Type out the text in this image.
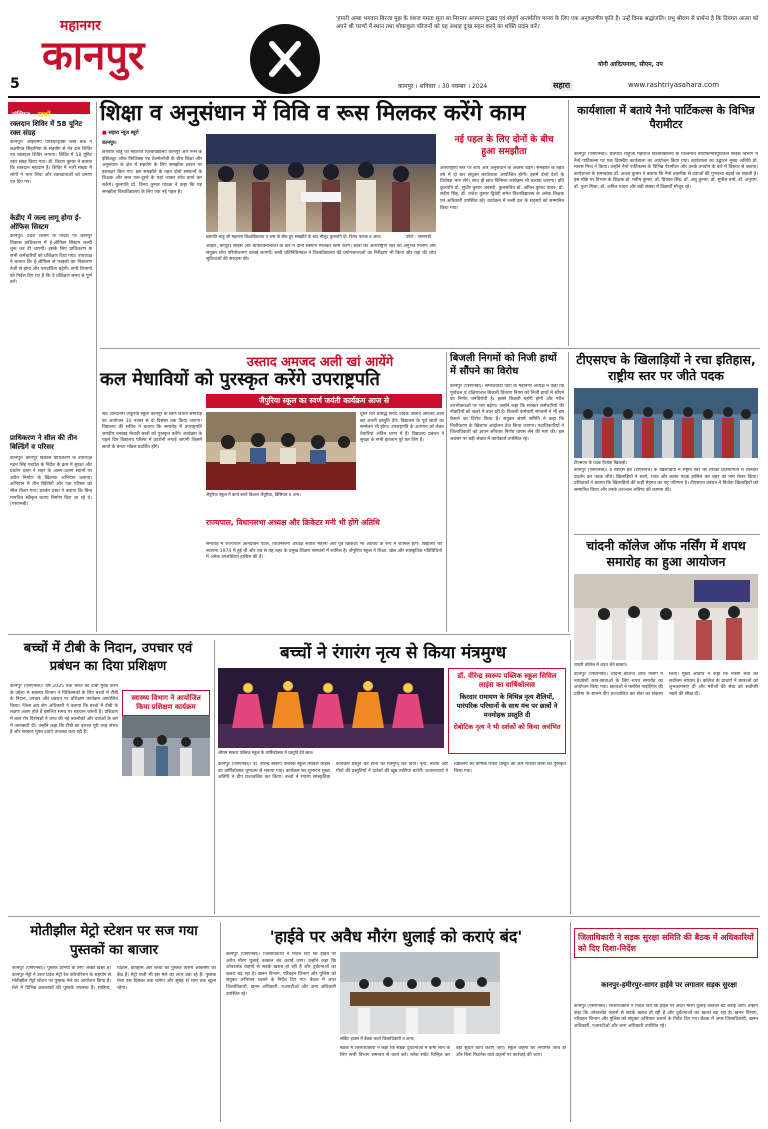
5
महानगर
कानपुर
'हमारी अम्बा भगवान बिरजा मुझ के वंशज ममता सुता सा निरन्तर अपमान दुःखद एवं संपूर्ण अन्तर्मतीय मानव के लिए एक अनुकरणीय कृति है। उन्हें विनम्र श्रद्धांजलि। प्रभु श्रीराम से प्रार्थना है कि दिवंगत आत्मा को अपने श्री चरणों में स्थान तथा शोकाकुल परिजनों को यह अथाह दुःख सहन करने का शक्ति प्रदान करें।'
योगी आदित्यनाथ, सीएम, उप
कानपुर । शनिवार । 30 नवम्बर । 2024	सहारा	www.rashtriyasahara.com
संक्षिप्त खबरें
रक्तदान शिविर में 58 यूनिट रक्त संग्रह
कानपुर। आईएमए पीडियाट्रिक्स ब्लड बैंक ने लक्ष्मीपत सिंहानिया के सहयोग से नेत्र दान शिविर एवं रक्तदान शिविर लगाया। शिविर में 58 यूनिट रक्त संग्रह किया गया। डॉ. किरण कुमार ने बताया कि रक्तदान महादान है। शिविर में भारी संख्या में लोगों ने भाग लिया और रक्तदाताओं को प्रमाण पत्र दिए गए।
केडीए में जल्द लागू होगा ई-ऑफिस सिस्टम
कानपुर। प्रदेश शासन के निर्देश पर कानपुर विकास प्राधिकरण में ई-ऑफिस सिस्टम जल्दी शुरू कर दी जाएगी। इसके लिए प्राधिकरण के सभी कर्मचारियों को प्रशिक्षण दिया गया। उपाध्यक्ष ने बताया कि ई-ऑफिस से फाइलों का निस्तारण तेजी से होगा और पारदर्शिता बढ़ेगी। सभी विभागों को निर्देश दिए गए हैं कि वे प्रशिक्षण समय से पूर्ण करें।
प्राधिकरण ने सील की तीन बिल्डिंगें व परिसर
कानपुर। कानपुर विकास प्राधिकरण के उपाध्यक्ष मदन सिंह गर्ब्याल के निर्देश के क्रम में सुरक्षा और प्रवर्तन दस्ता ने शहर के अलग-अलग स्थानों पर अवैध निर्माण के खिलाफ अभियान चलाया। अभियान में तीन बिल्डिंगें और एक परिसर को सील किया गया। प्रवर्तन दस्ता ने बताया कि बिना मानचित्र स्वीकृत कराए निर्माण किए जा रहे थे। (एसएनबी)
शिक्षा व अनुसंधान में विवि व रूस मिलकर करेंगे काम
■ सहारा न्यूज ब्यूरो
कानपुर।
छत्रपति शाहू जी महाराज विश्वविद्यालय कानपुर और रूस के इंस्टिट्यूट ऑफ फिजिक्स एंड टेक्नोलॉजी के बीच शिक्षा और अनुसंधान के क्षेत्र में सहयोग के लिए समझौता ज्ञापन पर हस्ताक्षर किए गए। इस समझौते के तहत दोनों संस्थानों के शिक्षक और छात्र एक-दूसरे के यहां जाकर शोध कार्य कर सकेंगे। कुलपति प्रो. विनय कुमार पाठक ने कहा कि यह समझौता विश्वविद्यालय के लिए एक नई पहल है।
छत्रपति शाहू जी महाराज विश्वविद्यालय व रूस के बीच हुए समझौते के बाद मौजूद कुलपति प्रो. विनय पाठक व अन्य।	फोटो : एसएनबी
आईटी, कंप्यूटर साइंस और बायोटेक्नोलॉजी के क्षेत्र में दोनों संस्थान मिलकर काम करेंगे। छात्रों को अंतरराष्ट्रीय स्तर का अनुभव मिलेगा और संयुक्त शोध परियोजनाएं चलाई जाएंगी। रूसी प्रतिनिधिमंडल ने विश्वविद्यालय की प्रयोगशालाओं का निरीक्षण भी किया और यहां की शोध सुविधाओं की सराहना की।
नई पहल के लिए दोनों के बीच हुआ समझौता
अंतरराष्ट्रीय स्तर पर शोध और अनुसंधान के अवसर बढ़ेंगे। समझौते के तहत वर्ष में दो बार संयुक्त कार्यशाला आयोजित होगी। इसमें दोनों देशों के विशेषज्ञ भाग लेंगे। साथ ही छात्र विनिमय कार्यक्रम भी चलाया जाएगा। प्रति कुलपति प्रो. सुधीर कुमार अवस्थी, कुलसचिव डॉ. अनिल कुमार यादव, प्रो. संदीप सिंह, डॉ. राजेश कुमार द्विवेदी समेत विश्वविद्यालय के अनेक शिक्षक एवं अधिकारी उपस्थित रहे। कार्यक्रम में रूसी दल के सदस्यों को सम्मानित किया गया।
कार्यशाला में बताये नैनो पार्टिकल्स के विभिन्न पैरामीटर
कानपुर (एसएनबी)। छत्रपति शाहूजी महाराज विश्वविद्यालय के विश्वनाथ बायोफार्मास्यूटिकल साइंस विभाग में नैनो पार्टिकल्स पर एक दिवसीय कार्यशाला का आयोजन किया गया। कार्यशाला का उद्घाटन मुख्य अतिथि प्रो. मानस मित्रा ने किया। उन्होंने नैनो पार्टिकल्स के विभिन्न पैरामीटर और उनके उपयोग के बारे में विस्तार से बताया। कार्यशाला के समन्वयक डॉ. अजय कुमार ने बताया कि नैनो तकनीक से दवाओं की गुणवत्ता बढ़ाई जा सकती है। इस मौके पर विभाग के शिक्षक डॉ. मनीष कुमार, डॉ. प्रियंका सिंह, डॉ. अंशू कुमार, डॉ. सुनील वर्मा, डॉ. अनुराग, डॉ. पूजा मिश्रा, डॉ. अनिल यादव और बड़ी संख्या में विद्यार्थी मौजूद रहे।
उस्ताद अमजद अली खां आयेंगे
कल मेधावियों को पुरस्कृत करेंगे उपराष्ट्रपति
जैपुरिया स्कूल का स्वर्ण जयंती कार्यक्रम आज से
सेठ आनंदराम जैपुरिया स्कूल कानपुर के स्वर्ण जयंती समारोह का आयोजन 30 नवंबर से दो दिसंबर तक किया जाएगा। विद्यालय की सचिव ने बताया कि समारोह में उपराष्ट्रपति जगदीप धनखड़ मेधावी छात्रों को पुरस्कृत करेंगे। कार्यक्रम के पहले दिन विद्यालय परिसर में प्रदर्शनी लगाई जाएगी जिसमें छात्रों के बनाए मॉडल प्रदर्शित होंगे।
जैपुरिया स्कूल में वार्ता करते विशाल जैपुरिया, प्रिंसिपल व अन्य।
दूसरे दिन प्रसिद्ध सरोद वादक उस्ताद अमजद अली खां अपनी प्रस्तुति देंगे। विद्यालय के पूर्व छात्रों का सम्मेलन भी होगा। उपराष्ट्रपति के आगमन को लेकर तैयारियां अंतिम चरण में हैं। विद्यालय प्रबंधन ने सुरक्षा के सभी इंतजाम पूरे कर लिए हैं।
राज्यपाल, विधानसभा अध्यक्ष और क्रिकेटर मनी भी होंगे अतिथि
समारोह में राज्यपाल आनंदीबेन पटेल, विधानसभा अध्यक्ष सतीश महाना और पूर्व क्रिकेटर भी अतिथि के रूप में शामिल होंगे। विद्यालय की स्थापना 1974 में हुई थी और तब से यह शहर के प्रमुख शिक्षण संस्थानों में शामिल है। जैपुरिया स्कूल ने शिक्षा, खेल और सांस्कृतिक गतिविधियों में अनेक उपलब्धियां हासिल की हैं।
बिजली निगमों को निजी हाथों में सौंपने का विरोध
कानपुर (एसएनबी)। समाजवादी पार्टी के महानगर अध्यक्ष ने कहा कि पूर्वांचल व दक्षिणांचल बिजली वितरण निगम को निजी हाथों में सौंपने का निर्णय जनविरोधी है। इससे बिजली महंगी होगी और गरीब उपभोक्ताओं पर भार बढ़ेगा। उन्होंने कहा कि सरकार कर्मचारियों की नौकरियों को खतरे में डाल रही है। बिजली कर्मचारी संगठनों ने भी इस फैसले का विरोध किया है। संयुक्त संघर्ष समिति ने कहा कि निजीकरण के खिलाफ आंदोलन तेज किया जाएगा। पदाधिकारियों ने जिलाधिकारी को ज्ञापन सौंपकर निर्णय वापस लेने की मांग की। इस अवसर पर बड़ी संख्या में कार्यकर्ता उपस्थित रहे।
टीएसएच के खिलाड़ियों ने रचा इतिहास, राष्ट्रीय स्तर पर जीते पदक
टीएसएच के पदक विजेता खिलाड़ी।
कानपुर (एसएनबी)। द स्पोर्ट्स हब (टीएसएच) के खिलाड़ियों ने राष्ट्रीय स्तर की तैराकी प्रतियोगिता में शानदार प्रदर्शन कर पदक जीते। खिलाड़ियों ने स्वर्ण, रजत और कांस्य पदक हासिल कर शहर का नाम रोशन किया। प्रशिक्षकों ने बताया कि खिलाड़ियों की कड़ी मेहनत का यह परिणाम है। टीएसएच प्रबंधन ने विजेता खिलाड़ियों को सम्मानित किया और उनके उज्ज्वल भविष्य की कामना की।
चांदनी कॉलेज ऑफ नर्सिंग में शपथ समारोह का हुआ आयोजन
चांदनी कॉलेज में शपथ लेते छात्राएं।
बच्चों में टीबी के निदान, उपचार एवं प्रबंधन का दिया प्रशिक्षण
कानपुर (एसएनबी)। वर्ष 2025 तक भारत को टीबी मुक्त करने के उद्देश्य से स्वास्थ्य विभाग ने चिकित्सकों के लिए बच्चों में टीबी के निदान, उपचार और प्रबंधन पर प्रशिक्षण कार्यक्रम आयोजित किया। जिला क्षय रोग अधिकारी ने बताया कि बच्चों में टीबी के लक्षण अलग होते हैं इसलिए समय पर पहचान जरूरी है। प्रशिक्षण में बाल रोग विशेषज्ञों ने जांच की नई तकनीकों और दवाओं के बारे में जानकारी दी। उन्होंने कहा कि टीबी का इलाज पूरी तरह संभव है और सरकार मुफ्त दवाएं उपलब्ध करा रही है।
स्वास्थ्य विभाग ने आयोजित किया प्रशिक्षण कार्यक्रम
बच्चों ने रंगारंग नृत्य से किया मंत्रमुग्ध
श्रीराम स्वरूप पब्लिक स्कूल के वार्षिकोत्सव में प्रस्तुति देते छात्र।
डॉ. वीरेन्द्र स्वरूप पब्लिक स्कूल सिविल लाइंस का वार्षिकोत्सव
किरदार रामायण के विभिन्न नृत्य शैलियों, पारंपरिक परिधानों के साथ मंच पर छात्रों ने मनमोहक प्रस्तुति दी
रोबोटिक नृत्य ने भी दर्शकों को किया अचंभित
कानपुर (एसएनबी)। डॉ. वीरेन्द्र स्वरूप पब्लिक स्कूल सिविल लाइंस का वार्षिकोत्सव धूमधाम से मनाया गया। कार्यक्रम का शुभारंभ मुख्य अतिथि ने दीप प्रज्ज्वलित कर किया। बच्चों ने रंगारंग सांस्कृतिक कार्यक्रम प्रस्तुत कर सभी को मंत्रमुग्ध कर दिया। नृत्य, नाटक और गीतों की प्रस्तुतियों ने दर्शकों की खूब तालियां बटोरीं। प्रधानाचार्या ने विद्यालय की वार्षिक रिपोर्ट प्रस्तुत की और मेधावी छात्रों को पुरस्कृत किया गया।
कानपुर (एसएनबी)। चांदनी कॉलेज ऑफ नर्सिंग में नवप्रवेशी छात्र-छात्राओं के लिए शपथ समारोह का आयोजन किया गया। छात्राओं ने फ्लोरेंस नाइटिंगेल की प्रतिमा के सामने दीप प्रज्ज्वलित कर सेवा का संकल्प लिया। मुख्य अतिथि ने कहा कि नर्सिंग सेवा का सर्वोत्तम माध्यम है। कॉलेज के प्राचार्य ने छात्राओं को शुभकामनाएं दीं और मरीजों की सेवा को सर्वोपरि रखने की सीख दी।
मोतीझील मेट्रो स्टेशन पर सज गया पुस्तकों का बाजार
कानपुर (एसएनबी)। पुस्तक प्रेमियों के लिए अच्छी खबर है। कानपुर मेट्रो ने उत्तर प्रदेश मेट्रो रेल कॉरपोरेशन के सहयोग से मोतीझील मेट्रो स्टेशन पर पुस्तक मेले का आयोजन किया है। मेले में विभिन्न प्रकाशकों की पुस्तकें उपलब्ध हैं। साहित्य, विज्ञान, इतिहास और बच्चों की पुस्तकें विशेष आकर्षण का केंद्र हैं। मेट्रो यात्री भी इस मेले का लाभ उठा रहे हैं। पुस्तक मेला दस दिसंबर तक चलेगा और सुबह से शाम तक खुला रहेगा।
'हाईवे पर अवैध मौरंग धुलाई को कराएं बंद'
कानपुर (एसएनबी)। जिलाधिकारी ने निर्देश दिए कि हाईवे पर अवैध मौरंग धुलाई तत्काल बंद कराई जाए। उन्होंने कहा कि ओवरलोड वाहनों से सड़कें खराब हो रही हैं और दुर्घटनाओं का खतरा बढ़ रहा है। खनन विभाग, परिवहन विभाग और पुलिस को संयुक्त अभियान चलाने के निर्देश दिए गए। बैठक में अपर जिलाधिकारी, खनन अधिकारी, एआरटीओ और अन्य अधिकारी उपस्थित रहे।
सर्किट हाउस में बैठक करते जिलाधिकारी व अन्य।
बैठक में जिलाधिकारी ने कहा कि सड़क दुर्घटनाओं में कमी लाने के लिए सभी विभाग समन्वय से कार्य करें। ब्लैक स्पॉट चिन्हित कर वहां सुधार कार्य कराए जाएं। स्कूल वाहनों की नियमित जांच हो और बिना फिटनेस वाले वाहनों पर कार्रवाई की जाए।
जिलाधिकारी ने सड़क सुरक्षा समिति की बैठक में अधिकारियों को दिए दिशा-निर्देश
कानपुर-हमीरपुर-सागर हाईवे पर लगातार सड़क सुरक्षा
कानपुर (एसएनबी)। जिलाधिकारी ने निर्देश दिए कि हाईवे पर अवैध मौरंग धुलाई तत्काल बंद कराई जाए। उन्होंने कहा कि ओवरलोड वाहनों से सड़कें खराब हो रही हैं और दुर्घटनाओं का खतरा बढ़ रहा है। खनन विभाग, परिवहन विभाग और पुलिस को संयुक्त अभियान चलाने के निर्देश दिए गए। बैठक में अपर जिलाधिकारी, खनन अधिकारी, एआरटीओ और अन्य अधिकारी उपस्थित रहे।
